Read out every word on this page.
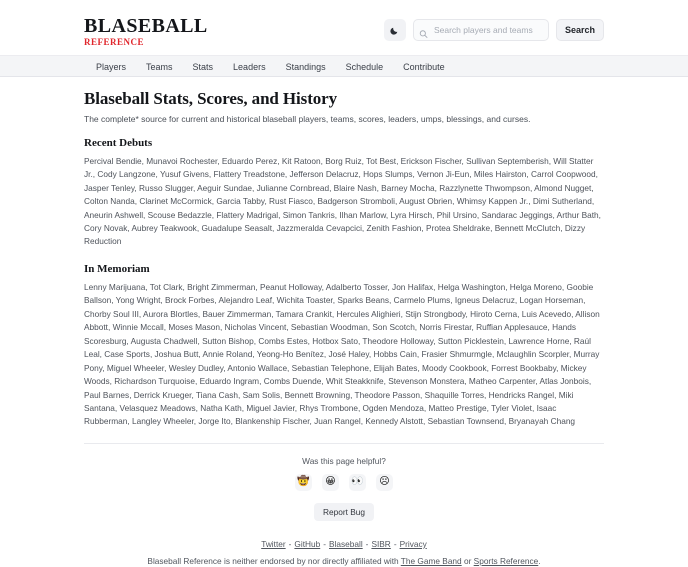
BLASEBALL
REFERENCE
Search players and teams
Search
Players Teams Stats Leaders Standings Schedule Contribute
Blaseball Stats, Scores, and History

The complete* source for current and historical blaseball players, teams, scores, leaders, umps, blessings, and curses.

Recent Debuts

Percival Bendie, Munavoi Rochester, Eduardo Perez, Kit Ratoon, Borg Ruiz, Tot Best, Erickson Fischer, Sullivan Septemberish, Will Statter Jr., Cody Langzone, Yusuf Givens, Flattery Treadstone, Jefferson Delacruz, Hops Slumps, Vernon Ji-Eun, Miles Hairston, Carrol Coopwood, Jasper Tenley, Russo Slugger, Aeguir Sundae, Julianne Cornbread, Blaire Nash, Barney Mocha, Razzlynette Thwompson, Almond Nugget, Colton Nanda, Clarinet McCormick, Garcia Tabby, Rust Fiasco, Badgerson Stromboli, August Obrien, Whimsy Kappen Jr., Dimi Sutherland, Aneurin Ashwell, Scouse Bedazzle, Flattery Madrigal, Simon Tankris, Ilhan Marlow, Lyra Hirsch, Phil Ursino, Sandarac Jeggings, Arthur Bath, Cory Novak, Aubrey Teakwook, Guadalupe Seasalt, Jazzmeralda Cevapcici, Zenith Fashion, Protea Sheldrake, Bennett McClutch, Dizzy Reduction

In Memoriam

Lenny Marijuana, Tot Clark, Bright Zimmerman, Peanut Holloway, Adalberto Tosser, Jon Halifax, Helga Washington, Helga Moreno, Goobie Ballson, Yong Wright, Brock Forbes, Alejandro Leaf, Wichita Toaster, Sparks Beans, Carmelo Plums, Igneus Delacruz, Logan Horseman, Chorby Soul III, Aurora Blortles, Bauer Zimmerman, Tamara Crankit, Hercules Alighieri, Stijn Strongbody, Hiroto Cerna, Luis Acevedo, Allison Abbott, Winnie Mccall, Moses Mason, Nicholas Vincent, Sebastian Woodman, Son Scotch, Norris Firestar, Ruffian Applesauce, Hands Scoresburg, Augusta Chadwell, Sutton Bishop, Combs Estes, Hotbox Sato, Theodore Holloway, Sutton Picklestein, Lawrence Horne, Raúl Leal, Case Sports, Joshua Butt, Annie Roland, Yeong-Ho Benítez, José Haley, Hobbs Cain, Frasier Shmurmgle, Mclaughlin Scorpler, Murray Pony, Miguel Wheeler, Wesley Dudley, Antonio Wallace, Sebastian Telephone, Elijah Bates, Moody Cookbook, Forrest Bookbaby, Mickey Woods, Richardson Turquoise, Eduardo Ingram, Combs Duende, Whit Steakknife, Stevenson Monstera, Matheo Carpenter, Atlas Jonbois, Paul Barnes, Derrick Krueger, Tiana Cash, Sam Solis, Bennett Browning, Theodore Passon, Shaquille Torres, Hendricks Rangel, Miki Santana, Velasquez Meadows, Natha Kath, Miguel Javier, Rhys Trombone, Ogden Mendoza, Matteo Prestige, Tyler Violet, Isaac Rubberman, Langley Wheeler, Jorge Ito, Blankenship Fischer, Juan Rangel, Kennedy Alstott, Sebastian Townsend, Bryanayah Chang

Was this page helpful?
🤠	😀	👀	☹
Report Bug
Twitter - GitHub - Blaseball - SIBR - Privacy
Blaseball Reference is neither endorsed by nor directly affiliated with The Game Band or Sports Reference.
